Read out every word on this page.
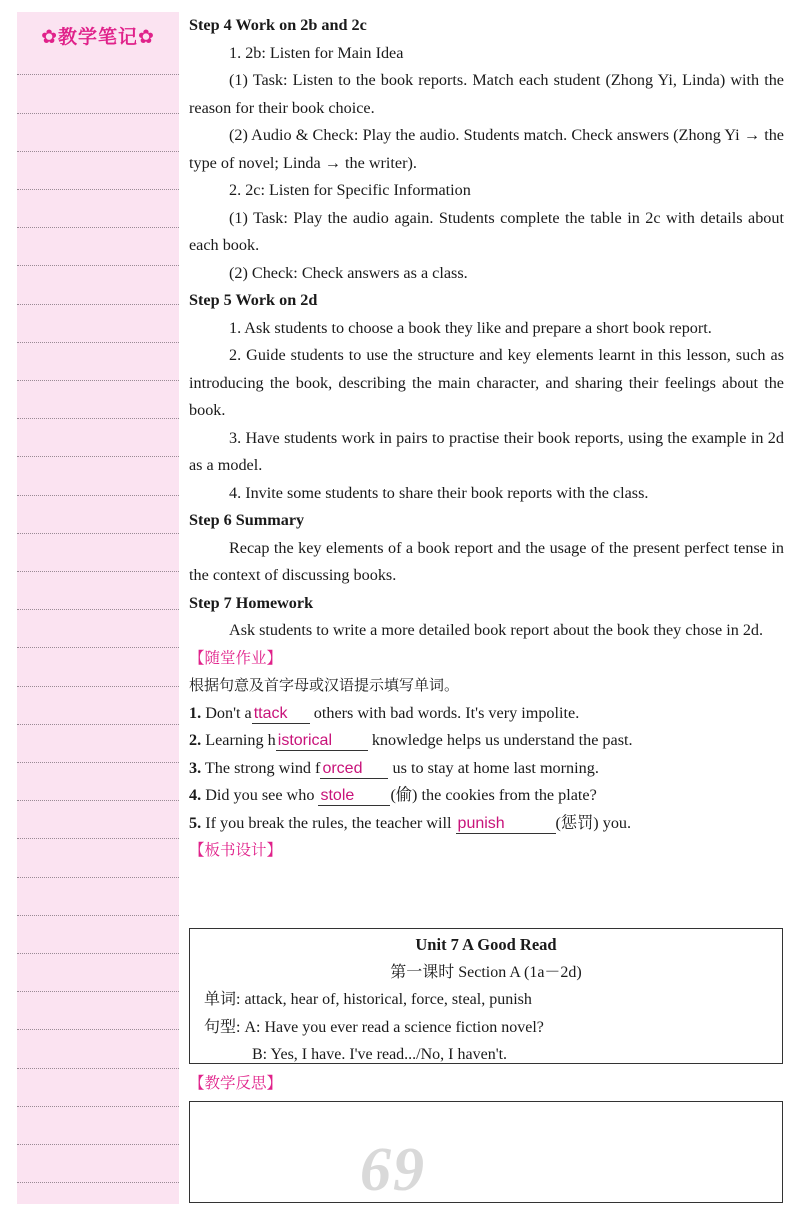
✿教学笔记✿

Step 4 Work on 2b and 2c

1. 2b: Listen for Main Idea

(1) Task: Listen to the book reports. Match each student (Zhong Yi, Linda) with the reason for their book choice.

(2) Audio & Check: Play the audio. Students match. Check answers (Zhong Yi → the type of novel; Linda → the writer).

2. 2c: Listen for Specific Information

(1) Task: Play the audio again. Students complete the table in 2c with details about each book.

(2) Check: Check answers as a class.

Step 5 Work on 2d

1. Ask students to choose a book they like and prepare a short book report.

2. Guide students to use the structure and key elements learnt in this lesson, such as introducing the book, describing the main character, and sharing their feelings about the book.

3. Have students work in pairs to practise their book reports, using the example in 2d as a model.

4. Invite some students to share their book reports with the class.

Step 6 Summary

Recap the key elements of a book report and the usage of the present perfect tense in the context of discussing books.

Step 7 Homework

Ask students to write a more detailed book report about the book they chose in 2d.

【随堂作业】

根据句意及首字母或汉语提示填写单词。

1. Don't a ttack others with bad words. It's very impolite.

2. Learning h istorical knowledge helps us understand the past.

3. The strong wind f orced us to stay at home last morning.

4. Did you see who stole (偷) the cookies from the plate?

5. If you break the rules, the teacher will punish	(惩罚) you.

【板书设计】

Unit 7 A Good Read
第一课时 Section A (1a－2d)
单词: attack, hear of, historical, force, steal, punish
句型: A: Have you ever read a science fiction novel?
B: Yes, I have. I've read.../No, I haven't.
【教学反思】
69
